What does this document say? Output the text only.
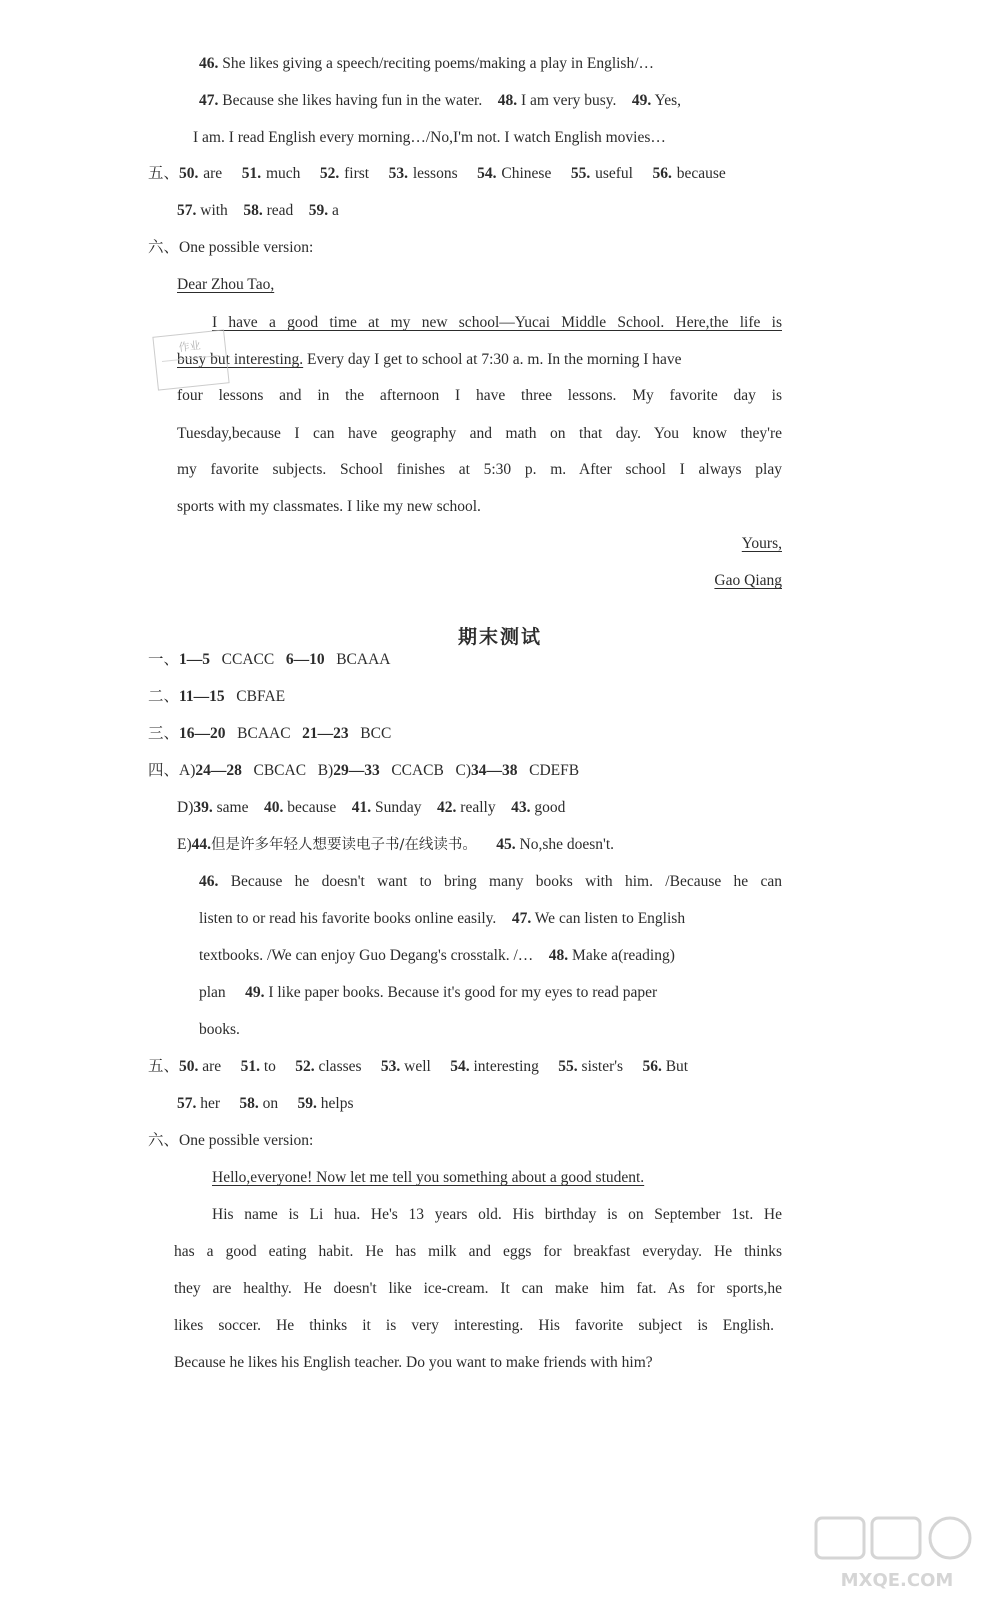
46. She likes giving a speech/reciting poems/making a play in English/…
47. Because she likes having fun in the water. 48. I am very busy. 49. Yes,
I am. I read English every morning…/No,I'm not. I watch English movies…
五、50. are 51. much 52. first 53. lessons 54. Chinese 55. useful 56. because
57. with 58. read 59. a
六、One possible version:
Dear Zhou Tao,
I have a good time at my new school—Yucai Middle School. Here,the life is
busy but interesting. Every day I get to school at 7:30 a. m. In the morning I have
four lessons and in the afternoon I have three lessons. My favorite day is
Tuesday,because I can have geography and math on that day. You know they're
my favorite subjects. School finishes at 5:30 p. m. After school I always play
sports with my classmates. I like my new school.
Yours,
Gao Qiang
作业
期末测试
一、1—5 CCACC 6—10 BCAAA
二、11—15 CBFAE
三、16—20 BCAAC 21—23 BCC
四、A)24—28 CBCAC B)29—33 CCACB C)34—38 CDEFB
D)39. same 40. because 41. Sunday 42. really 43. good
E)44.但是许多年轻人想要读电子书/在线读书。 45. No,she doesn't.
46. Because he doesn't want to bring many books with him. /Because he can
listen to or read his favorite books online easily. 47. We can listen to English
textbooks. /We can enjoy Guo Degang's crosstalk. /… 48. Make a(reading)
plan 49. I like paper books. Because it's good for my eyes to read paper
books.
五、50. are 51. to 52. classes 53. well 54. interesting 55. sister's 56. But
57. her 58. on 59. helps
六、One possible version:
Hello,everyone! Now let me tell you something about a good student.
His name is Li hua. He's 13 years old. His birthday is on September 1st. He
has a good eating habit. He has milk and eggs for breakfast everyday. He thinks
they are healthy. He doesn't like ice-cream. It can make him fat. As for sports,he
likes soccer. He thinks it is very interesting. His favorite subject is English.
Because he likes his English teacher. Do you want to make friends with him?
MXQE.COM
